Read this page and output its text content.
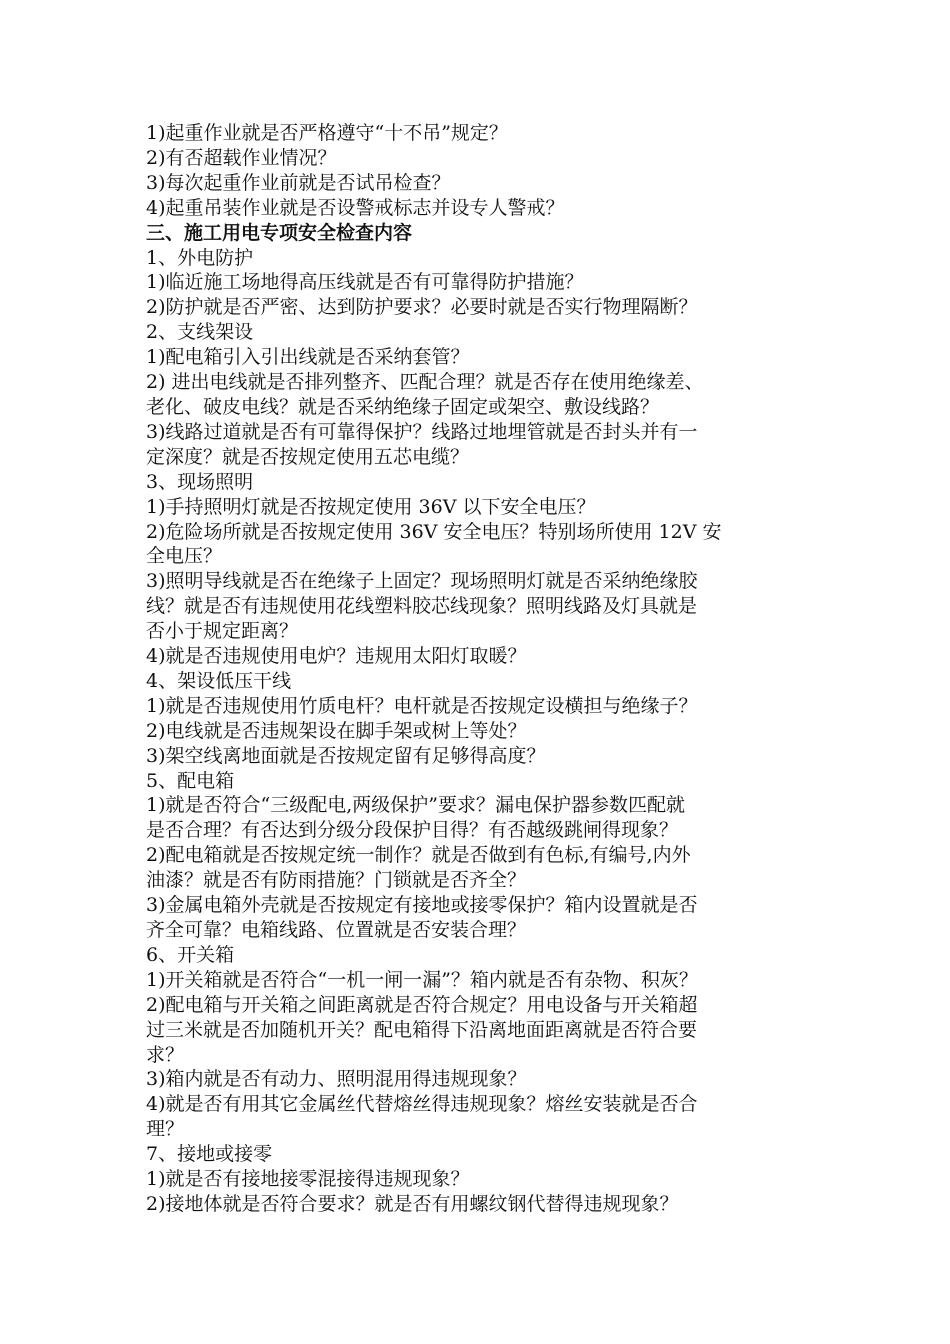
1)起重作业就是否严格遵守“十不吊”规定？
2)有否超载作业情况？
3)每次起重作业前就是否试吊检查？
4)起重吊装作业就是否设警戒标志并设专人警戒？
三、施工用电专项安全检查内容
1、外电防护
1)临近施工场地得高压线就是否有可靠得防护措施？
2)防护就是否严密、达到防护要求？必要时就是否实行物理隔断？
2、支线架设
1)配电箱引入引出线就是否采纳套管？
2) 进出电线就是否排列整齐、匹配合理？就是否存在使用绝缘差、
老化、破皮电线？就是否采纳绝缘子固定或架空、敷设线路？
3)线路过道就是否有可靠得保护？线路过地埋管就是否封头并有一
定深度？就是否按规定使用五芯电缆？
3、现场照明
1)手持照明灯就是否按规定使用 36V 以下安全电压？
2)危险场所就是否按规定使用 36V 安全电压？特别场所使用 12V 安
全电压？
3)照明导线就是否在绝缘子上固定？现场照明灯就是否采纳绝缘胶
线？就是否有违规使用花线塑料胶芯线现象？照明线路及灯具就是
否小于规定距离？
4)就是否违规使用电炉？违规用太阳灯取暖？
4、架设低压干线
1)就是否违规使用竹质电杆？电杆就是否按规定设横担与绝缘子？
2)电线就是否违规架设在脚手架或树上等处？
3)架空线离地面就是否按规定留有足够得高度？
5、配电箱
1)就是否符合“三级配电,两级保护”要求？漏电保护器参数匹配就
是否合理？有否达到分级分段保护目得？有否越级跳闸得现象？
2)配电箱就是否按规定统一制作？就是否做到有色标,有编号,内外
油漆？就是否有防雨措施？门锁就是否齐全？
3)金属电箱外壳就是否按规定有接地或接零保护？箱内设置就是否
齐全可靠？电箱线路、位置就是否安装合理？
6、开关箱
1)开关箱就是否符合“一机一闸一漏”？箱内就是否有杂物、积灰？
2)配电箱与开关箱之间距离就是否符合规定？用电设备与开关箱超
过三米就是否加随机开关？配电箱得下沿离地面距离就是否符合要
求？
3)箱内就是否有动力、照明混用得违规现象？
4)就是否有用其它金属丝代替熔丝得违规现象？熔丝安装就是否合
理？
7、接地或接零
1)就是否有接地接零混接得违规现象？
2)接地体就是否符合要求？就是否有用螺纹钢代替得违规现象？
